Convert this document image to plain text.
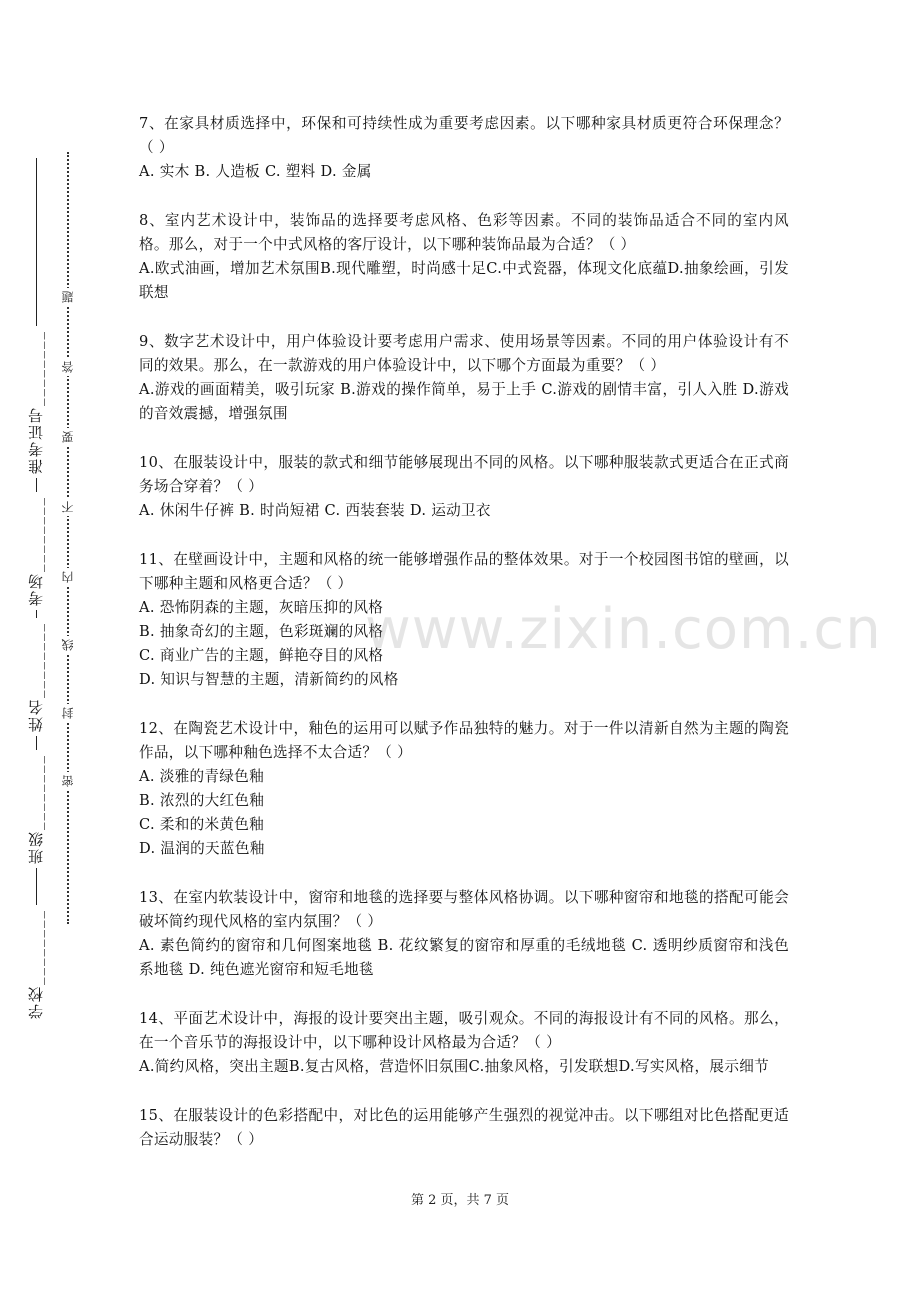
准考证号________
考场________
姓名________
班级________
学校________
密
封
线
内
不
要
答
题

7、在家具材质选择中，环保和可持续性成为重要考虑因素。以下哪种家具材质更符合环保理念？（ ）

A. 实木 B. 人造板 C. 塑料 D. 金属

8、室内艺术设计中，装饰品的选择要考虑风格、色彩等因素。不同的装饰品适合不同的室内风格。那么，对于一个中式风格的客厅设计，以下哪种装饰品最为合适？（ ）

A.欧式油画，增加艺术氛围B.现代雕塑，时尚感十足C.中式瓷器，体现文化底蕴D.抽象绘画，引发联想

9、数字艺术设计中，用户体验设计要考虑用户需求、使用场景等因素。不同的用户体验设计有不同的效果。那么，在一款游戏的用户体验设计中，以下哪个方面最为重要？（ ）

A.游戏的画面精美，吸引玩家 B.游戏的操作简单，易于上手 C.游戏的剧情丰富，引人入胜 D.游戏的音效震撼，增强氛围

10、在服装设计中，服装的款式和细节能够展现出不同的风格。以下哪种服装款式更适合在正式商务场合穿着？（ ）

A. 休闲牛仔裤 B. 时尚短裙 C. 西装套装 D. 运动卫衣

11、在壁画设计中，主题和风格的统一能够增强作品的整体效果。对于一个校园图书馆的壁画，以下哪种主题和风格更合适？（ ）

A. 恐怖阴森的主题，灰暗压抑的风格

B. 抽象奇幻的主题，色彩斑斓的风格

C. 商业广告的主题，鲜艳夺目的风格

D. 知识与智慧的主题，清新简约的风格

12、在陶瓷艺术设计中，釉色的运用可以赋予作品独特的魅力。对于一件以清新自然为主题的陶瓷作品，以下哪种釉色选择不太合适？（ ）

A. 淡雅的青绿色釉

B. 浓烈的大红色釉

C. 柔和的米黄色釉

D. 温润的天蓝色釉

13、在室内软装设计中，窗帘和地毯的选择要与整体风格协调。以下哪种窗帘和地毯的搭配可能会破坏简约现代风格的室内氛围？（ ）

A. 素色简约的窗帘和几何图案地毯 B. 花纹繁复的窗帘和厚重的毛绒地毯 C. 透明纱质窗帘和浅色系地毯 D. 纯色遮光窗帘和短毛地毯

14、平面艺术设计中，海报的设计要突出主题，吸引观众。不同的海报设计有不同的风格。那么，在一个音乐节的海报设计中，以下哪种设计风格最为合适？（ ）

A.简约风格，突出主题B.复古风格，营造怀旧氛围C.抽象风格，引发联想D.写实风格，展示细节

15、在服装设计的色彩搭配中，对比色的运用能够产生强烈的视觉冲击。以下哪组对比色搭配更适合运动服装？（ ）

www.zixin.com.cn
第 2 页，共 7 页
